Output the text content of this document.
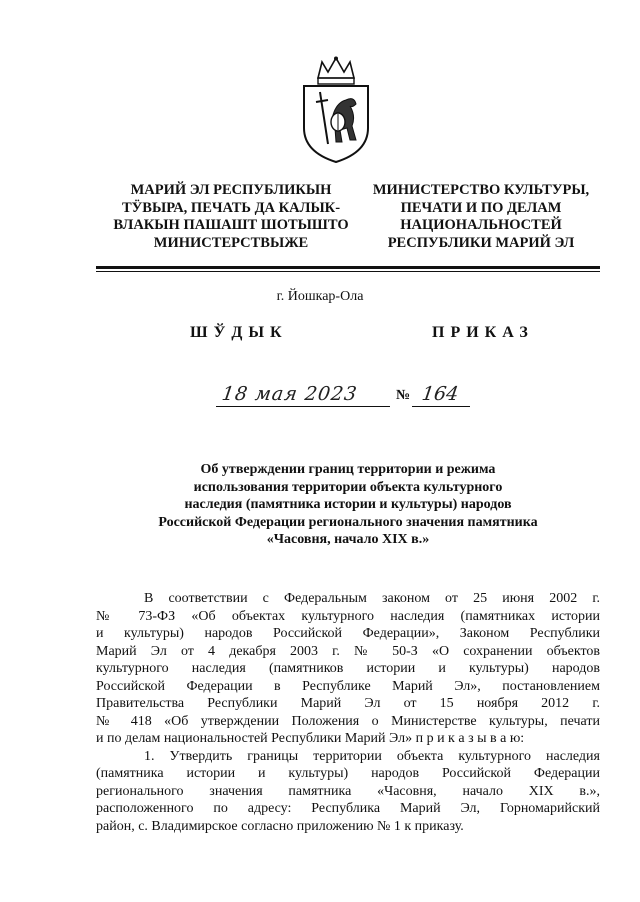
МАРИЙ ЭЛ РЕСПУБЛИКЫН
ТӰВЫРА, ПЕЧАТЬ ДА КАЛЫК-
ВЛАКЫН ПАШАШТ ШОТЫШТО
МИНИСТЕРСТВЫЖЕ
МИНИСТЕРСТВО КУЛЬТУРЫ,
ПЕЧАТИ И ПО ДЕЛАМ
НАЦИОНАЛЬНОСТЕЙ
РЕСПУБЛИКИ МАРИЙ ЭЛ
г. Йошкар-Ола
ШЎДЫК	ПРИКАЗ
18 мая 2023	№ 164
Об утверждении границ территории и режима
использования территории объекта культурного
наследия (памятника истории и культуры) народов
Российской Федерации регионального значения памятника
«Часовня, начало XIX в.»
В соответствии с Федеральным законом от 25 июня 2002 г.
№ 73-ФЗ «Об объектах культурного наследия (памятниках истории
и культуры) народов Российской Федерации», Законом Республики
Марий Эл от 4 декабря 2003 г. № 50-З «О сохранении объектов
культурного наследия (памятников истории и культуры) народов
Российской Федерации в Республике Марий Эл», постановлением
Правительства Республики Марий Эл от 15 ноября 2012 г.
№ 418 «Об утверждении Положения о Министерстве культуры, печати
и по делам национальностей Республики Марий Эл» п р и к а з ы в а ю:
1. Утвердить границы территории объекта культурного наследия
(памятника истории и культуры) народов Российской Федерации
регионального значения памятника «Часовня, начало XIX в.»,
расположенного по адресу: Республика Марий Эл, Горномарийский
район, с. Владимирское согласно приложению № 1 к приказу.
